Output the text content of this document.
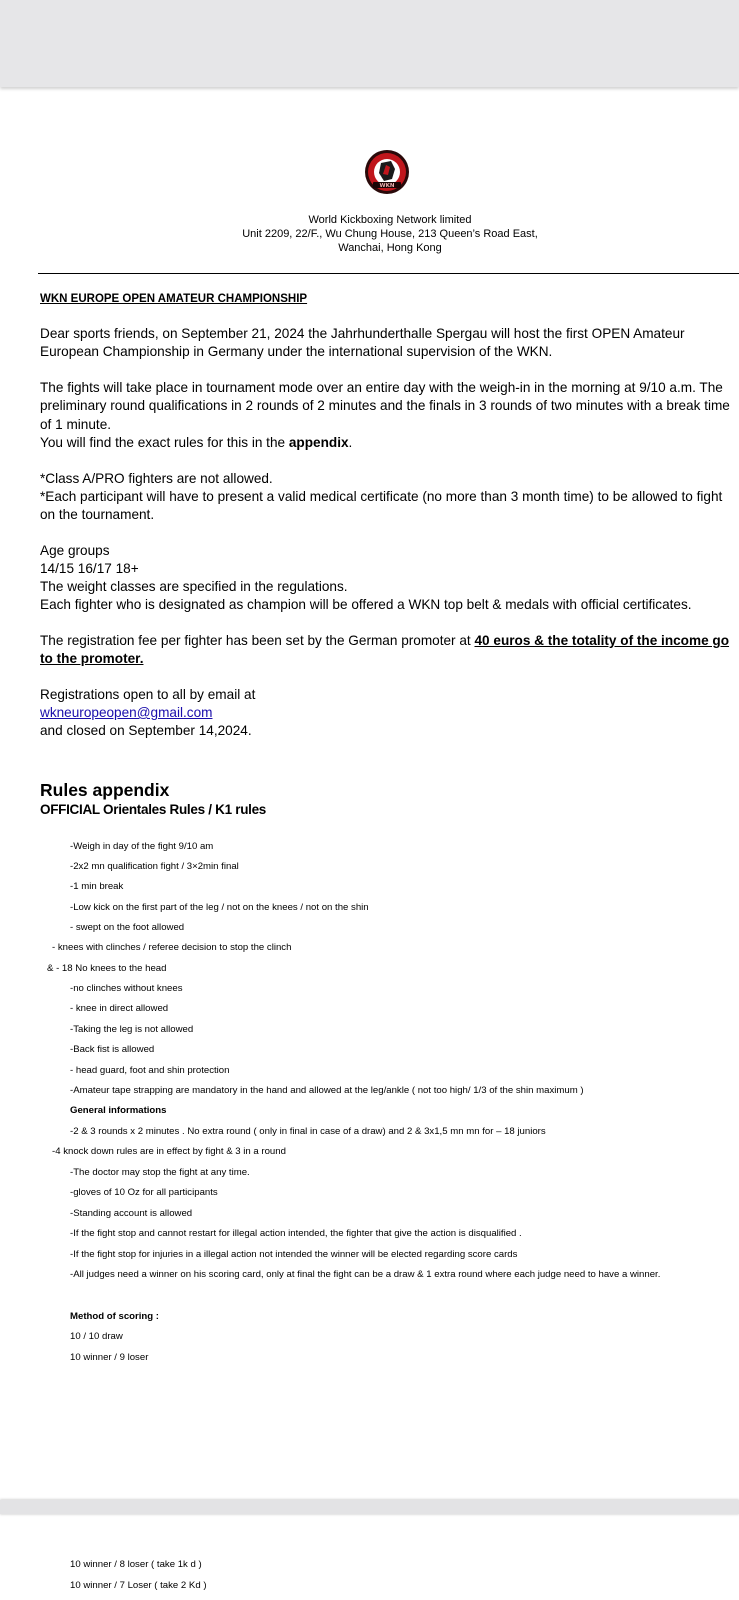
WKN
World Kickboxing Network limited
Unit 2209, 22/F., Wu Chung House, 213 Queen’s Road East,
Wanchai, Hong Kong
WKN EUROPE OPEN AMATEUR CHAMPIONSHIP

Dear sports friends, on September 21, 2024 the Jahrhunderthalle Spergau will host the first OPEN Amateur European Championship in Germany under the international supervision of the WKN.

The fights will take place in tournament mode over an entire day with the weigh-in in the morning at 9/10 a.m. The preliminary round qualifications in 2 rounds of 2 minutes and the finals in 3 rounds of two minutes with a break time of 1 minute.

You will find the exact rules for this in the appendix.

*Class A/PRO fighters are not allowed.

*Each participant will have to present a valid medical certificate (no more than 3 month time) to be allowed to fight on the tournament.

Age groups

14/15 16/17 18+

The weight classes are specified in the regulations.

Each fighter who is designated as champion will be offered a WKN top belt & medals with official certificates.

The registration fee per fighter has been set by the German promoter at 40 euros & the totality of the income go to the promoter.

Registrations open to all by email at

wkneuropeopen@gmail.com

and closed on September 14,2024.

Rules appendix
OFFICIAL Orientales Rules / K1 rules
-Weigh in day of the fight 9/10 am
-2x2 mn qualification fight / 3×2min final
-1 min break
-Low kick on the first part of the leg / not on the knees / not on the shin
- swept on the foot allowed
- knees with clinches / referee decision to stop the clinch
& - 18 No knees to the head
-no clinches without knees
- knee in direct allowed
-Taking the leg is not allowed
-Back fist is allowed
- head guard, foot and shin protection
-Amateur tape strapping are mandatory in the hand and allowed at the leg/ankle ( not too high/ 1/3 of the shin maximum )
General informations
-2 & 3 rounds x 2 minutes . No extra round ( only in final in case of a draw) and 2 & 3x1,5 mn mn for – 18 juniors
-4 knock down rules are in effect by fight & 3 in a round
-The doctor may stop the fight at any time.
-gloves of 10 Oz for all participants
-Standing account is allowed
-If the fight stop and cannot restart for illegal action intended, the fighter that give the action is disqualified .
-If the fight stop for injuries in a illegal action not intended the winner will be elected regarding score cards
-All judges need a winner on his scoring card, only at final the fight can be a draw & 1 extra round where each judge need to have a winner.
Method of scoring :
10 / 10 draw
10 winner / 9 loser
10 winner / 8 loser ( take 1k d )
10 winner / 7 Loser ( take 2 Kd )
